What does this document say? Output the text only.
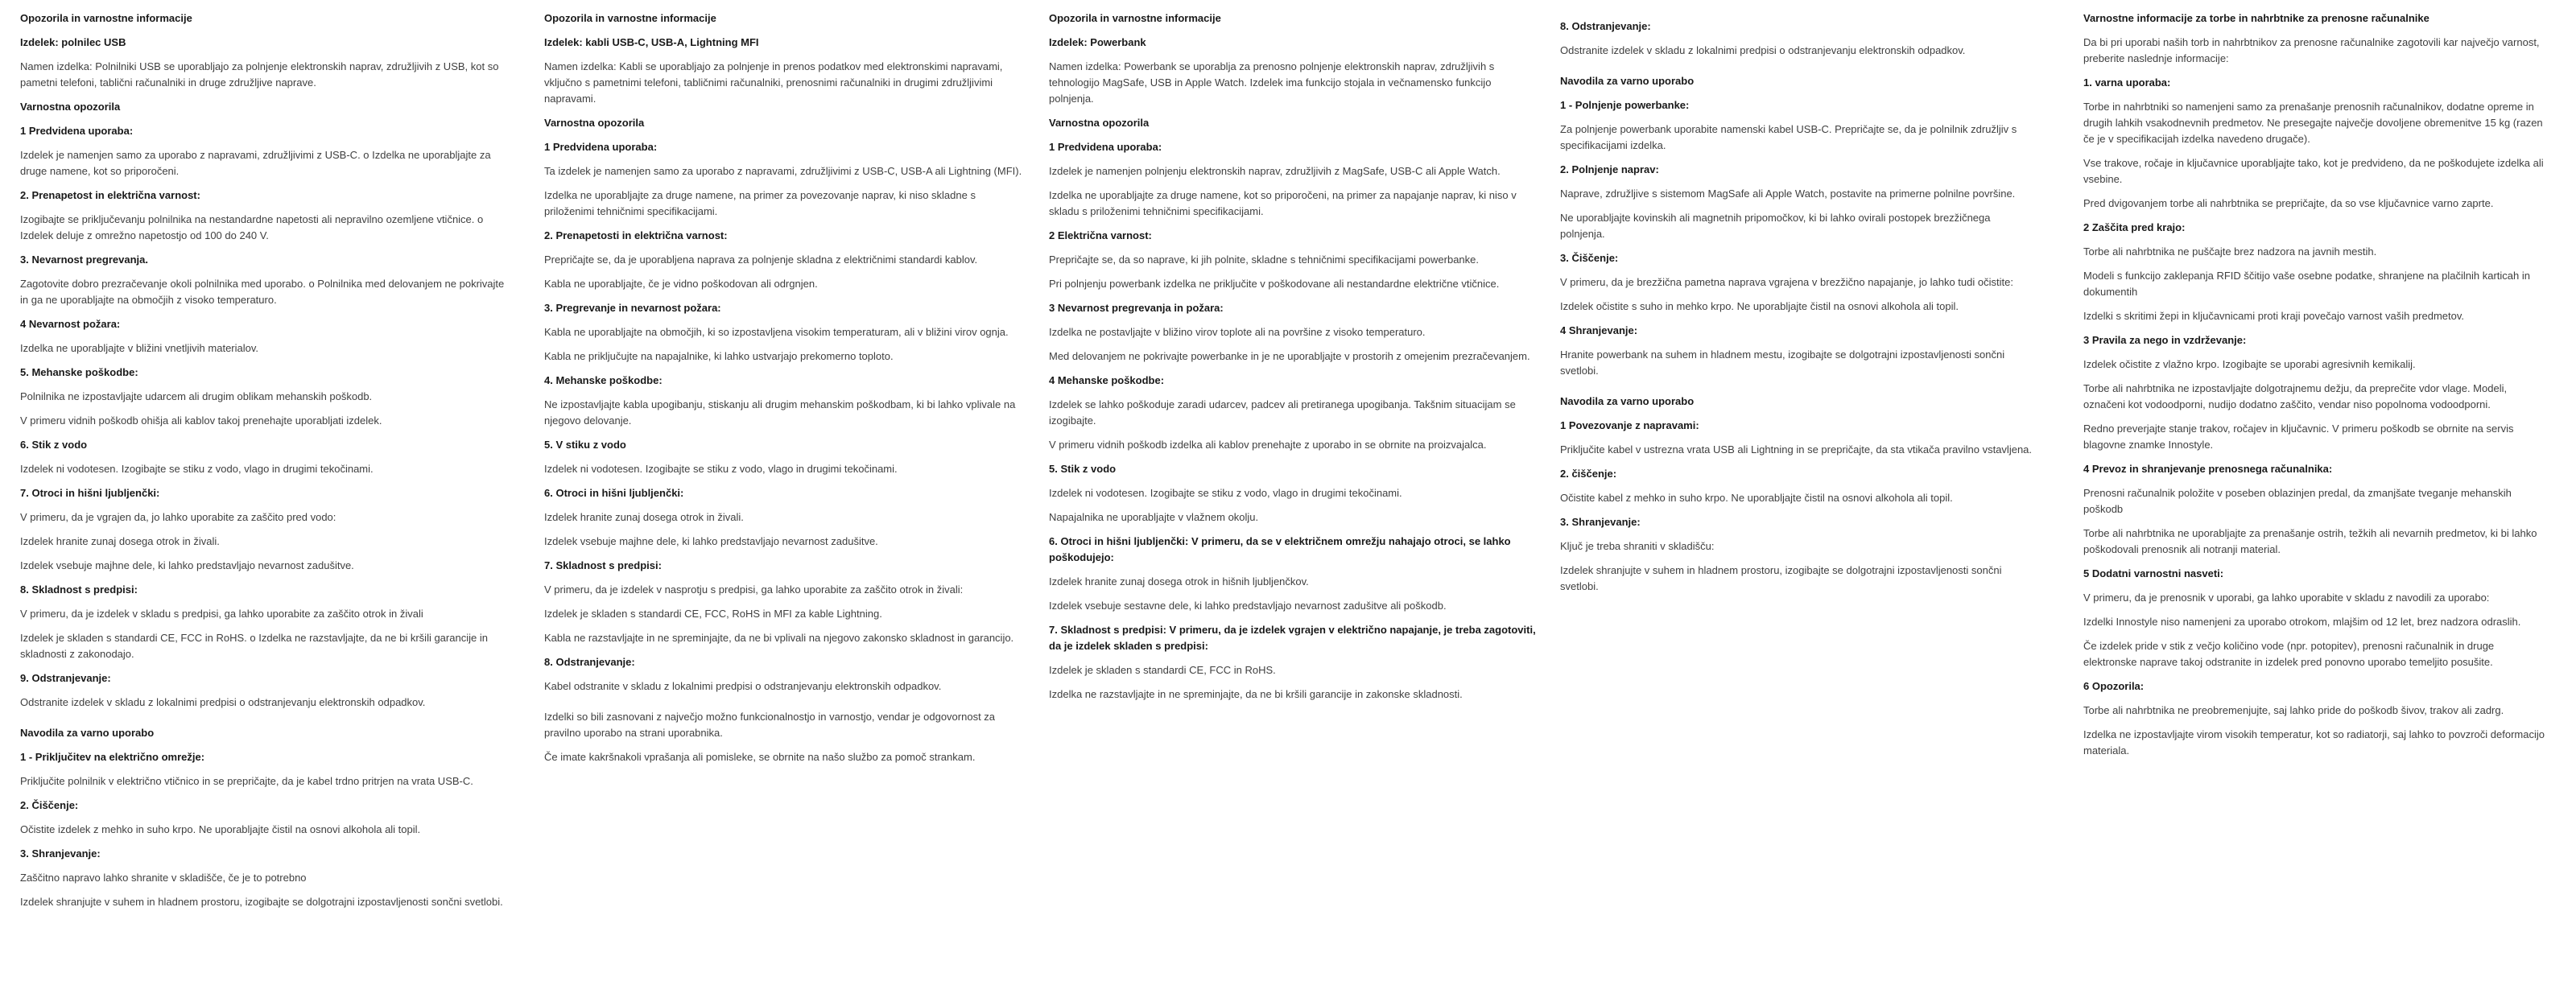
Opozorila in varnostne informacije
Izdelek: polnilec USB
Namen izdelka: Polnilniki USB se uporabljajo za polnjenje elektronskih naprav, združljivih z USB, kot so pametni telefoni, tablični računalniki in druge združljive naprave.
Varnostna opozorila
1 Predvidena uporaba:
Izdelek je namenjen samo za uporabo z napravami, združljivimi z USB-C. o Izdelka ne uporabljajte za druge namene, kot so priporočeni.
2. Prenapetost in električna varnost:
Izogibajte se priključevanju polnilnika na nestandardne napetosti ali nepravilno ozemljene vtičnice. o Izdelek deluje z omrežno napetostjo od 100 do 240 V.
3. Nevarnost pregrevanja.
Zagotovite dobro prezračevanje okoli polnilnika med uporabo. o Polnilnika med delovanjem ne pokrivajte in ga ne uporabljajte na območjih z visoko temperaturo.
4 Nevarnost požara:
Izdelka ne uporabljajte v bližini vnetljivih materialov.
5. Mehanske poškodbe:
Polnilnika ne izpostavljajte udarcem ali drugim oblikam mehanskih poškodb.
V primeru vidnih poškodb ohišja ali kablov takoj prenehajte uporabljati izdelek.
6. Stik z vodo
Izdelek ni vodotesen. Izogibajte se stiku z vodo, vlago in drugimi tekočinami.
7. Otroci in hišni ljubljenčki:
V primeru, da je vgrajen da, jo lahko uporabite za zaščito pred vodo:
Izdelek hranite zunaj dosega otrok in živali.
Izdelek vsebuje majhne dele, ki lahko predstavljajo nevarnost zadušitve.
8. Skladnost s predpisi:
V primeru, da je izdelek v skladu s predpisi, ga lahko uporabite za zaščito otrok in živali
Izdelek je skladen s standardi CE, FCC in RoHS. o Izdelka ne razstavljajte, da ne bi kršili garancije in skladnosti z zakonodajo.
9. Odstranjevanje:
Odstranite izdelek v skladu z lokalnimi predpisi o odstranjevanju elektronskih odpadkov.
Navodila za varno uporabo
1 - Priključitev na električno omrežje:
Priključite polnilnik v električno vtičnico in se prepričajte, da je kabel trdno pritrjen na vrata USB-C.
2. Čiščenje:
Očistite izdelek z mehko in suho krpo. Ne uporabljajte čistil na osnovi alkohola ali topil.
3. Shranjevanje:
Zaščitno napravo lahko shranite v skladišče, če je to potrebno
Izdelek shranjujte v suhem in hladnem prostoru, izogibajte se dolgotrajni izpostavljenosti sončni svetlobi.
Opozorila in varnostne informacije
Izdelek: kabli USB-C, USB-A, Lightning MFI
Namen izdelka: Kabli se uporabljajo za polnjenje in prenos podatkov med elektronskimi napravami, vključno s pametnimi telefoni, tabličnimi računalniki, prenosnimi računalniki in drugimi združljivimi napravami.
Varnostna opozorila
1 Predvidena uporaba:
Ta izdelek je namenjen samo za uporabo z napravami, združljivimi z USB-C, USB-A ali Lightning (MFI).
Izdelka ne uporabljajte za druge namene, na primer za povezovanje naprav, ki niso skladne s priloženimi tehničnimi specifikacijami.
2. Prenapetosti in električna varnost:
Prepričajte se, da je uporabljena naprava za polnjenje skladna z električnimi standardi kablov.
Kabla ne uporabljajte, če je vidno poškodovan ali odrgnjen.
3. Pregrevanje in nevarnost požara:
Kabla ne uporabljajte na območjih, ki so izpostavljena visokim temperaturam, ali v bližini virov ognja.
Kabla ne priključujte na napajalnike, ki lahko ustvarjajo prekomerno toploto.
4. Mehanske poškodbe:
Ne izpostavljajte kabla upogibanju, stiskanju ali drugim mehanskim poškodbam, ki bi lahko vplivale na njegovo delovanje.
5. V stiku z vodo
Izdelek ni vodotesen. Izogibajte se stiku z vodo, vlago in drugimi tekočinami.
6. Otroci in hišni ljubljenčki:
Izdelek hranite zunaj dosega otrok in živali.
Izdelek vsebuje majhne dele, ki lahko predstavljajo nevarnost zadušitve.
7. Skladnost s predpisi:
V primeru, da je izdelek v nasprotju s predpisi, ga lahko uporabite za zaščito otrok in živali:
Izdelek je skladen s standardi CE, FCC, RoHS in MFI za kable Lightning.
Kabla ne razstavljajte in ne spreminjajte, da ne bi vplivali na njegovo zakonsko skladnost in garancijo.
8. Odstranjevanje:
Kabel odstranite v skladu z lokalnimi predpisi o odstranjevanju elektronskih odpadkov.
Izdelki so bili zasnovani z največjo možno funkcionalnostjo in varnostjo, vendar je odgovornost za pravilno uporabo na strani uporabnika.
Če imate kakršnakoli vprašanja ali pomisleke, se obrnite na našo službo za pomoč strankam.
Opozorila in varnostne informacije
Izdelek: Powerbank
Namen izdelka: Powerbank se uporablja za prenosno polnjenje elektronskih naprav, združljivih s tehnologijo MagSafe, USB in Apple Watch. Izdelek ima funkcijo stojala in večnamensko funkcijo polnjenja.
Varnostna opozorila
1 Predvidena uporaba:
Izdelek je namenjen polnjenju elektronskih naprav, združljivih z MagSafe, USB-C ali Apple Watch.
Izdelka ne uporabljajte za druge namene, kot so priporočeni, na primer za napajanje naprav, ki niso v skladu s priloženimi tehničnimi specifikacijami.
2 Električna varnost:
Prepričajte se, da so naprave, ki jih polnite, skladne s tehničnimi specifikacijami powerbanke.
Pri polnjenju powerbank izdelka ne priključite v poškodovane ali nestandardne električne vtičnice.
3 Nevarnost pregrevanja in požara:
Izdelka ne postavljajte v bližino virov toplote ali na površine z visoko temperaturo.
Med delovanjem ne pokrivajte powerbanke in je ne uporabljajte v prostorih z omejenim prezračevanjem.
4 Mehanske poškodbe:
Izdelek se lahko poškoduje zaradi udarcev, padcev ali pretiranega upogibanja. Takšnim situacijam se izogibajte.
V primeru vidnih poškodb izdelka ali kablov prenehajte z uporabo in se obrnite na proizvajalca.
5. Stik z vodo
Izdelek ni vodotesen. Izogibajte se stiku z vodo, vlago in drugimi tekočinami.
Napajalnika ne uporabljajte v vlažnem okolju.
6. Otroci in hišni ljubljenčki: V primeru, da se v električnem omrežju nahajajo otroci, se lahko poškodujejo:
Izdelek hranite zunaj dosega otrok in hišnih ljubljenčkov.
Izdelek vsebuje sestavne dele, ki lahko predstavljajo nevarnost zadušitve ali poškodb.
7. Skladnost s predpisi: V primeru, da je izdelek vgrajen v električno napajanje, je treba zagotoviti, da je izdelek skladen s predpisi:
Izdelek je skladen s standardi CE, FCC in RoHS.
Izdelka ne razstavljajte in ne spreminjajte, da ne bi kršili garancije in zakonske skladnosti.
8. Odstranjevanje:
Odstranite izdelek v skladu z lokalnimi predpisi o odstranjevanju elektronskih odpadkov.
Navodila za varno uporabo
1 - Polnjenje powerbanke:
Za polnjenje powerbank uporabite namenski kabel USB-C. Prepričajte se, da je polnilnik združljiv s specifikacijami izdelka.
2. Polnjenje naprav:
Naprave, združljive s sistemom MagSafe ali Apple Watch, postavite na primerne polnilne površine.
Ne uporabljajte kovinskih ali magnetnih pripomočkov, ki bi lahko ovirali postopek brezžičnega polnjenja.
3. Čiščenje:
V primeru, da je brezžična pametna naprava vgrajena v brezžično napajanje, jo lahko tudi očistite:
Izdelek očistite s suho in mehko krpo. Ne uporabljajte čistil na osnovi alkohola ali topil.
4 Shranjevanje:
Hranite powerbank na suhem in hladnem mestu, izogibajte se dolgotrajni izpostavljenosti sončni svetlobi.
Navodila za varno uporabo
1 Povezovanje z napravami:
Priključite kabel v ustrezna vrata USB ali Lightning in se prepričajte, da sta vtikača pravilno vstavljena.
2. čiščenje:
Očistite kabel z mehko in suho krpo. Ne uporabljajte čistil na osnovi alkohola ali topil.
3. Shranjevanje:
Ključ je treba shraniti v skladišču:
Izdelek shranjujte v suhem in hladnem prostoru, izogibajte se dolgotrajni izpostavljenosti sončni svetlobi.
Varnostne informacije za torbe in nahrbtnike za prenosne računalnike
Da bi pri uporabi naših torb in nahrbtnikov za prenosne računalnike zagotovili kar največjo varnost, preberite naslednje informacije:
1. varna uporaba:
Torbe in nahrbtniki so namenjeni samo za prenašanje prenosnih računalnikov, dodatne opreme in drugih lahkih vsakodnevnih predmetov. Ne presegajte največje dovoljene obremenitve 15 kg (razen če je v specifikacijah izdelka navedeno drugače).
Vse trakove, ročaje in ključavnice uporabljajte tako, kot je predvideno, da ne poškodujete izdelka ali vsebine.
Pred dvigovanjem torbe ali nahrbtnika se prepričajte, da so vse ključavnice varno zaprte.
2 Zaščita pred krajo:
Torbe ali nahrbtnika ne puščajte brez nadzora na javnih mestih.
Modeli s funkcijo zaklepanja RFID ščitijo vaše osebne podatke, shranjene na plačilnih karticah in dokumentih
Izdelki s skritimi žepi in ključavnicami proti kraji povečajo varnost vaših predmetov.
3 Pravila za nego in vzdrževanje:
Izdelek očistite z vlažno krpo. Izogibajte se uporabi agresivnih kemikalij.
Torbe ali nahrbtnika ne izpostavljajte dolgotrajnemu dežju, da preprečite vdor vlage. Modeli, označeni kot vodoodporni, nudijo dodatno zaščito, vendar niso popolnoma vodoodporni.
Redno preverjajte stanje trakov, ročajev in ključavnic. V primeru poškodb se obrnite na servis blagovne znamke Innostyle.
4 Prevoz in shranjevanje prenosnega računalnika:
Prenosni računalnik položite v poseben oblazinjen predal, da zmanjšate tveganje mehanskih poškodb
Torbe ali nahrbtnika ne uporabljajte za prenašanje ostrih, težkih ali nevarnih predmetov, ki bi lahko poškodovali prenosnik ali notranji material.
5 Dodatni varnostni nasveti:
V primeru, da je prenosnik v uporabi, ga lahko uporabite v skladu z navodili za uporabo:
Izdelki Innostyle niso namenjeni za uporabo otrokom, mlajšim od 12 let, brez nadzora odraslih.
Če izdelek pride v stik z večjo količino vode (npr. potopitev), prenosni računalnik in druge elektronske naprave takoj odstranite in izdelek pred ponovno uporabo temeljito posušite.
6 Opozorila:
Torbe ali nahrbtnika ne preobremenjujte, saj lahko pride do poškodb šivov, trakov ali zadrg.
Izdelka ne izpostavljajte virom visokih temperatur, kot so radiatorji, saj lahko to povzroči deformacijo materiala.
